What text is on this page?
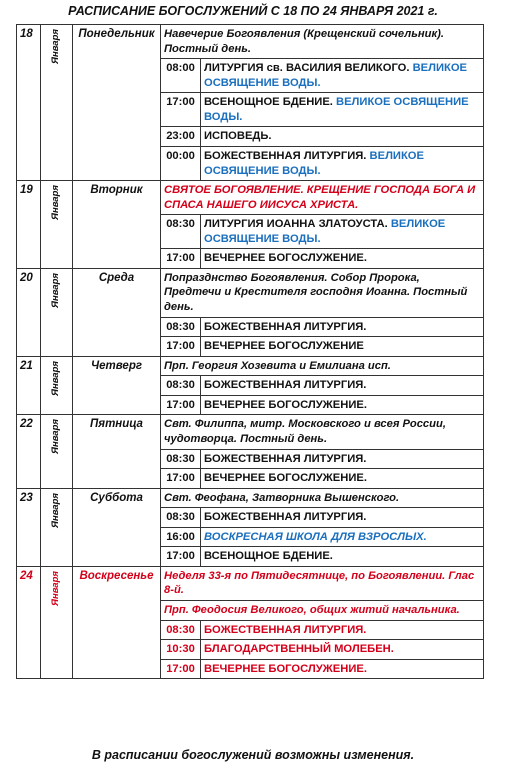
РАСПИСАНИЕ БОГОСЛУЖЕНИЙ С 18 ПО 24 ЯНВАРЯ 2021 г.
18	Января	Понедельник	Навечерие Богоявления (Крещенский сочельник). Постный день.	
			08:00	ЛИТУРГИЯ св. ВАСИЛИЯ ВЕЛИКОГО. ВЕЛИКОЕ ОСВЯЩЕНИЕ ВОДЫ.
			17:00	ВСЕНОЩНОЕ БДЕНИЕ. ВЕЛИКОЕ ОСВЯЩЕНИЕ ВОДЫ.
			23:00	ИСПОВЕДЬ.
			00:00	БОЖЕСТВЕННАЯ ЛИТУРГИЯ. ВЕЛИКОЕ ОСВЯЩЕНИЕ ВОДЫ.
19	Января	Вторник	СВЯТОЕ БОГОЯВЛЕНИЕ. КРЕЩЕНИЕ ГОСПОДА БОГА И СПАСА НАШЕГО ИИСУСА ХРИСТА.	
			08:30	ЛИТУРГИЯ ИОАННА ЗЛАТОУСТА. ВЕЛИКОЕ ОСВЯЩЕНИЕ ВОДЫ.
			17:00	ВЕЧЕРНЕЕ БОГОСЛУЖЕНИЕ.
20	Января	Среда	Попразднство Богоявления. Собор Пророка, Предтечи и Крестителя господня Иоанна. Постный день.	
			08:30	БОЖЕСТВЕННАЯ ЛИТУРГИЯ.
			17:00	ВЕЧЕРНЕЕ БОГОСЛУЖЕНИЕ
21	Января	Четверг	Прп. Георгия Хозевита и Емилиана исп.	
			08:30	БОЖЕСТВЕННАЯ ЛИТУРГИЯ.
			17:00	ВЕЧЕРНЕЕ БОГОСЛУЖЕНИЕ.
22	Января	Пятница	Свт. Филиппа, митр. Московского и всея России, чудотворца. Постный день.	
			08:30	БОЖЕСТВЕННАЯ ЛИТУРГИЯ.
			17:00	ВЕЧЕРНЕЕ БОГОСЛУЖЕНИЕ.
23	Января	Суббота	Свт. Феофана, Затворника Вышенского.	
			08:30	БОЖЕСТВЕННАЯ ЛИТУРГИЯ.
			16:00	ВОСКРЕСНАЯ ШКОЛА ДЛЯ ВЗРОСЛЫХ.
			17:00	ВСЕНОЩНОЕ БДЕНИЕ.
24	Января	Воскресенье	Неделя 33-я по Пятидесятнице, по Богоявлении. Глас 8-й.	
			Прп. Феодосия Великого, общих житий начальника.	
			08:30	БОЖЕСТВЕННАЯ ЛИТУРГИЯ.
			10:30	БЛАГОДАРСТВЕННЫЙ МОЛЕБЕН.
			17:00	ВЕЧЕРНЕЕ БОГОСЛУЖЕНИЕ.
В расписании богослужений возможны изменения.
